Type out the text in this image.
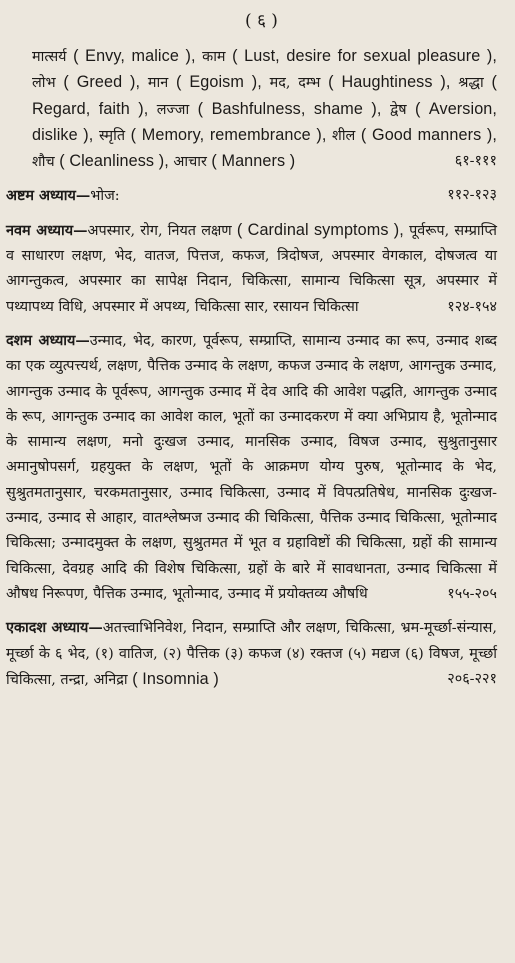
( ६ )
मात्सर्य ( Envy, malice ), काम ( Lust, desire for sexual pleasure ), लोभ ( Greed ), मान ( Egoism ), मद, दम्भ ( Haughtiness ), श्रद्धा ( Regard, faith ), लज्जा ( Bashfulness, shame ), द्वेष ( Aversion, dislike ), स्मृति ( Memory, remembrance ), शील ( Good manners ), शौच ( Cleanliness ), आचार ( Manners )	६१-१११
अष्टम अध्याय—भोज:	११२-१२३
नवम अध्याय—अपस्मार, रोग, नियत लक्षण ( Cardinal symptoms ), पूर्वरूप, सम्प्राप्ति व साधारण लक्षण, भेद, वातज, पित्तज, कफज, त्रिदोषज, अपस्मार वेगकाल, दोषजत्व या आगन्तुकत्व, अपस्मार का सापेक्ष निदान, चिकित्सा, सामान्य चिकित्सा सूत्र, अपस्मार में पथ्यापथ्य विधि, अपस्मार में अपथ्य, चिकित्सा सार, रसायन चिकित्सा	१२४-१५४
दशम अध्याय—उन्माद, भेद, कारण, पूर्वरूप, सम्प्राप्ति, सामान्य उन्माद का रूप, उन्माद शब्द का एक व्युत्पत्त्यर्थ, लक्षण, पैत्तिक उन्माद के लक्षण, कफज उन्माद के लक्षण, आगन्तुक उन्माद, आगन्तुक उन्माद के पूर्वरूप, आगन्तुक उन्माद में देव आदि की आवेश पद्धति, आगन्तुक उन्माद के रूप, आगन्तुक उन्माद का आवेश काल, भूतों का उन्मादकरण में क्या अभिप्राय है, भूतोन्माद के सामान्य लक्षण, मनो दुःखज उन्माद, मानसिक उन्माद, विषज उन्माद, सुश्रुतानुसार अमानुषोपसर्ग, ग्रहयुक्त के लक्षण, भूतों के आक्रमण योग्य पुरुष, भूतोन्माद के भेद, सुश्रुतमतानुसार, चरकमतानुसार, उन्माद चिकित्सा, उन्माद में विपत्प्रतिषेध, मानसिक दुःखज-उन्माद, उन्माद से आहार, वातश्लेष्मज उन्माद की चिकित्सा, पैत्तिक उन्माद चिकित्सा, भूतोन्माद चिकित्सा; उन्मादमुक्त के लक्षण, सुश्रुतमत में भूत व ग्रहाविष्टों की चिकित्सा, ग्रहों की सामान्य चिकित्सा, देवग्रह आदि की विशेष चिकित्सा, ग्रहों के बारे में सावधानता, उन्माद चिकित्सा में औषध निरूपण, पैत्तिक उन्माद, भूतोन्माद, उन्माद में प्रयोक्तव्य औषधि	१५५-२०५
एकादश अध्याय—अतत्त्वाभिनिवेश, निदान, सम्प्राप्ति और लक्षण, चिकित्सा, भ्रम-मूर्च्छा-संन्यास, मूर्च्छा के ६ भेद, (१) वातिज, (२) पैत्तिक (३) कफज (४) रक्तज (५) मद्यज (६) विषज, मूर्च्छा चिकित्सा, तन्द्रा, अनिद्रा ( Insomnia )	२०६-२२१
